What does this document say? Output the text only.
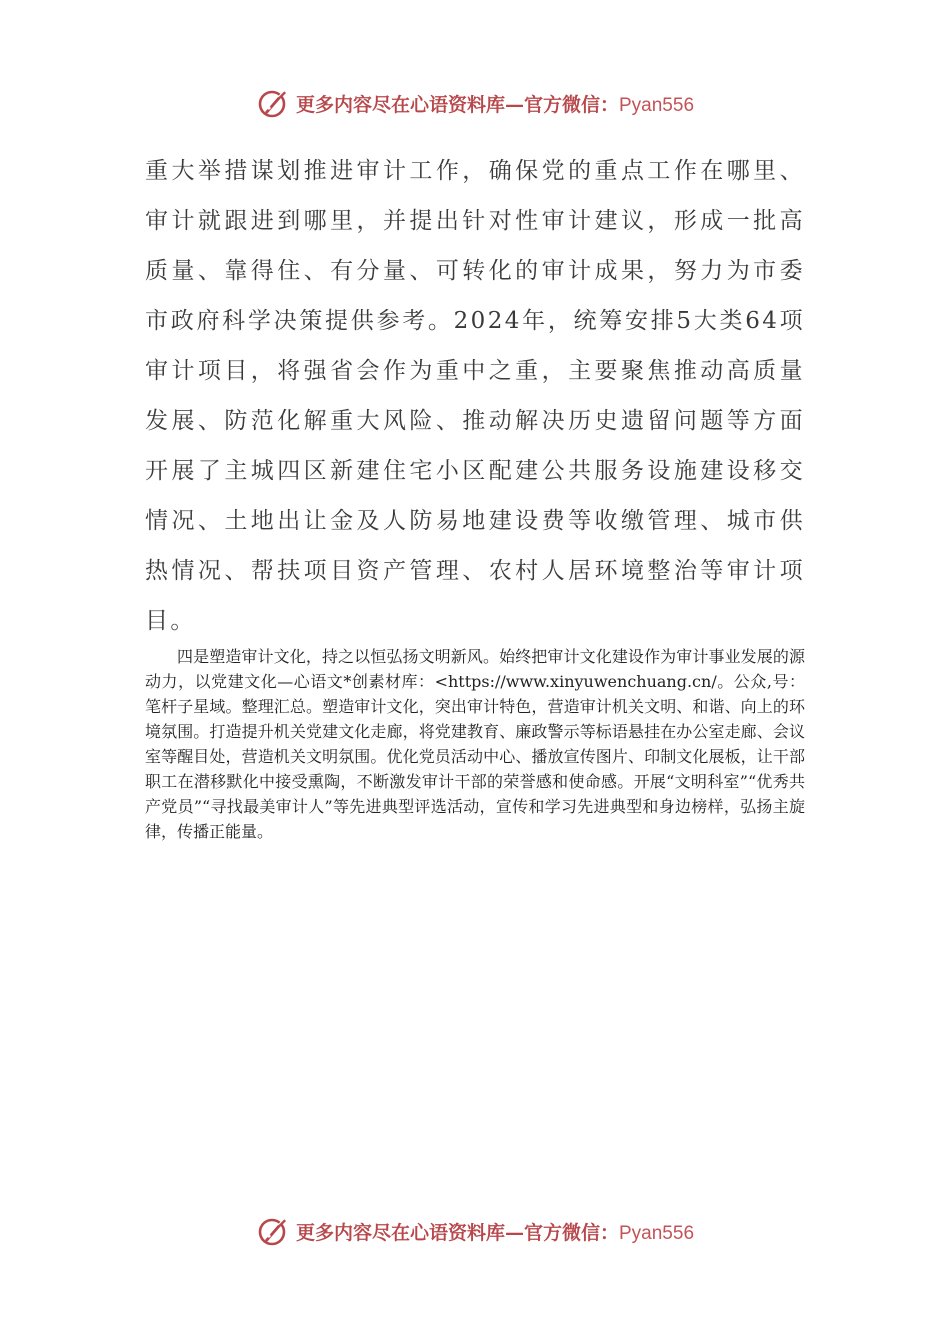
更多内容尽在心语资料库—官方微信：Pyan556

重大举措谋划推进审计工作，确保党的重点工作在哪里、审计就跟进到哪里，并提出针对性审计建议，形成一批高质量、靠得住、有分量、可转化的审计成果，努力为市委市政府科学决策提供参考。2024年，统筹安排5大类64项审计项目，将强省会作为重中之重，主要聚焦推动高质量发展、防范化解重大风险、推动解决历史遗留问题等方面开展了主城四区新建住宅小区配建公共服务设施建设移交情况、土地出让金及人防易地建设费等收缴管理、城市供热情况、帮扶项目资产管理、农村人居环境整治等审计项目。

四是塑造审计文化，持之以恒弘扬文明新风。始终把审计文化建设作为审计事业发展的源动力，以党建文化—心语文*创素材库：<https://www.xinyuwenchuang.cn/。公众,号：笔杆子星域。整理汇总。塑造审计文化，突出审计特色，营造审计机关文明、和谐、向上的环境氛围。打造提升机关党建文化走廊，将党建教育、廉政警示等标语悬挂在办公室走廊、会议室等醒目处，营造机关文明氛围。优化党员活动中心、播放宣传图片、印制文化展板，让干部职工在潜移默化中接受熏陶，不断激发审计干部的荣誉感和使命感。开展“文明科室”“优秀共产党员”“寻找最美审计人”等先进典型评选活动，宣传和学习先进典型和身边榜样，弘扬主旋律，传播正能量。

更多内容尽在心语资料库—官方微信：Pyan556
